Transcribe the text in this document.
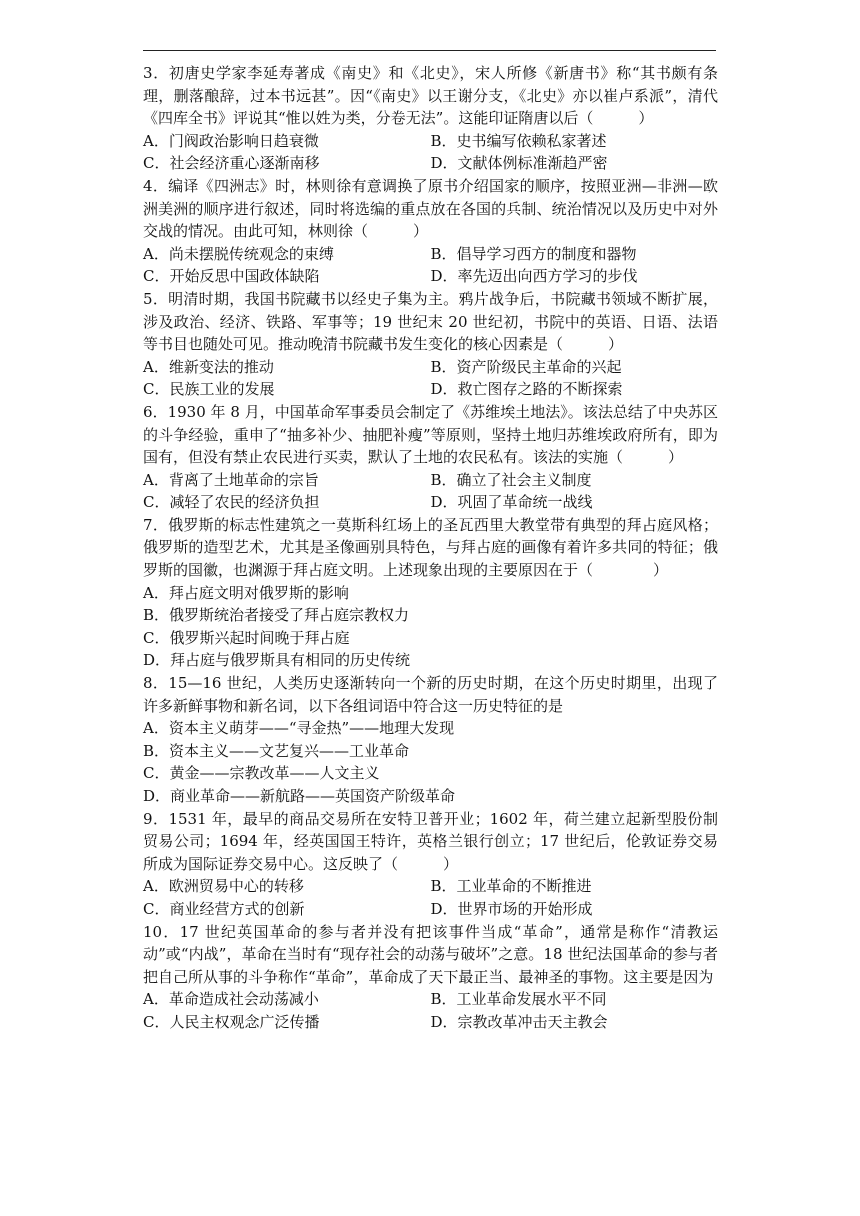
3．初唐史学家李延寿著成《南史》和《北史》，宋人所修《新唐书》称“其书颇有条理，删落酿辞，过本书远甚”。因“《南史》以王谢分支，《北史》亦以崔卢系派”，清代《四库全书》评说其“惟以姓为类，分卷无法”。这能印证隋唐以后（　　　）

A．门阀政治影响日趋衰微	B．史书编写依赖私家著述
C．社会经济重心逐渐南移	D．文献体例标准渐趋严密

4．编译《四洲志》时，林则徐有意调换了原书介绍国家的顺序，按照亚洲—非洲—欧洲美洲的顺序进行叙述，同时将选编的重点放在各国的兵制、统治情况以及历史中对外交战的情况。由此可知，林则徐（　　　）

A．尚未摆脱传统观念的束缚	B．倡导学习西方的制度和器物
C．开始反思中国政体缺陷	D．率先迈出向西方学习的步伐

5．明清时期，我国书院藏书以经史子集为主。鸦片战争后，书院藏书领域不断扩展，涉及政治、经济、铁路、军事等；19 世纪末 20 世纪初，书院中的英语、日语、法语等书目也随处可见。推动晚清书院藏书发生变化的核心因素是（　　　）

A．维新变法的推动	B．资产阶级民主革命的兴起
C．民族工业的发展	D．救亡图存之路的不断探索

6．1930 年 8 月，中国革命军事委员会制定了《苏维埃土地法》。该法总结了中央苏区的斗争经验，重申了“抽多补少、抽肥补瘦”等原则，坚持土地归苏维埃政府所有，即为国有，但没有禁止农民进行买卖，默认了土地的农民私有。该法的实施（　　　）

A．背离了土地革命的宗旨	B．确立了社会主义制度
C．减轻了农民的经济负担	D．巩固了革命统一战线

7．俄罗斯的标志性建筑之一莫斯科红场上的圣瓦西里大教堂带有典型的拜占庭风格；俄罗斯的造型艺术，尤其是圣像画别具特色，与拜占庭的画像有着许多共同的特征；俄罗斯的国徽，也渊源于拜占庭文明。上述现象出现的主要原因在于（　　　　）

A．拜占庭文明对俄罗斯的影响
B．俄罗斯统治者接受了拜占庭宗教权力
C．俄罗斯兴起时间晚于拜占庭
D．拜占庭与俄罗斯具有相同的历史传统

8．15—16 世纪，人类历史逐渐转向一个新的历史时期，在这个历史时期里，出现了许多新鲜事物和新名词，以下各组词语中符合这一历史特征的是

A．资本主义萌芽——“寻金热”——地理大发现
B．资本主义——文艺复兴——工业革命
C．黄金——宗教改革——人文主义
D．商业革命——新航路——英国资产阶级革命

9．1531 年，最早的商品交易所在安特卫普开业；1602 年，荷兰建立起新型股份制贸易公司；1694 年，经英国国王特许，英格兰银行创立；17 世纪后，伦敦证券交易所成为国际证券交易中心。这反映了（　　　）

A．欧洲贸易中心的转移	B．工业革命的不断推进
C．商业经营方式的创新	D．世界市场的开始形成

10．17 世纪英国革命的参与者并没有把该事件当成“革命”，通常是称作“清教运动”或“内战”，革命在当时有“现存社会的动荡与破坏”之意。18 世纪法国革命的参与者把自己所从事的斗争称作“革命”，革命成了天下最正当、最神圣的事物。这主要是因为

A．革命造成社会动荡减小	B．工业革命发展水平不同
C．人民主权观念广泛传播	D．宗教改革冲击天主教会
